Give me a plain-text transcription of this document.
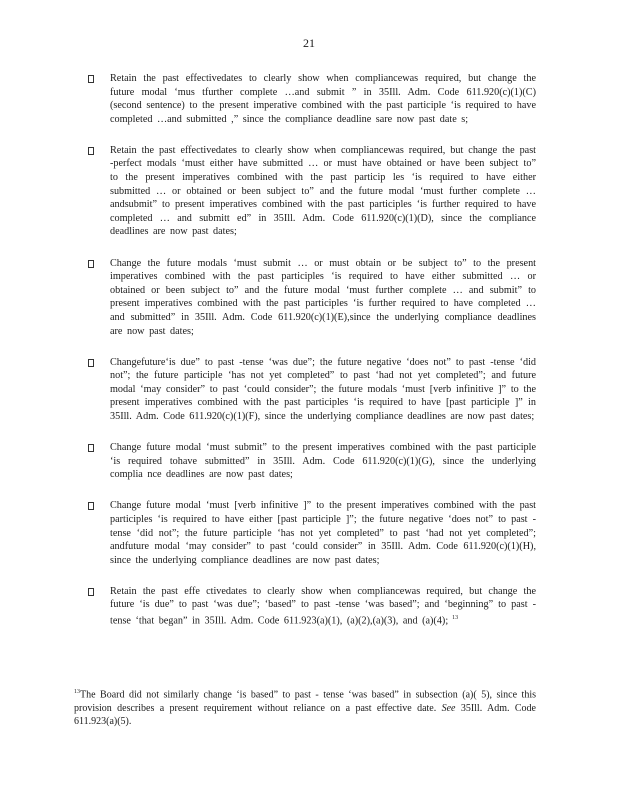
21
Retain the past effectivedates to clearly show when compliancewas required, but change the future modal ‘mus tfurther complete …and submit ” in 35Ill. Adm. Code 611.920(c)(1)(C) (second sentence) to the present imperative combined with the past participle ‘is required to have completed …and submitted ,” since the compliance deadline sare now past date s;
Retain the past effectivedates to clearly show when compliancewas required, but change the past -perfect modals ‘must either have submitted … or must have obtained or have been subject to” to the present imperatives combined with the past particip les ‘is required to have either submitted … or obtained or been subject to” and the future modal ‘must further complete … andsubmit” to present imperatives combined with the past participles ‘is further required to have completed … and submitt ed” in 35Ill. Adm. Code 611.920(c)(1)(D), since the compliance deadlines are now past dates;
Change the future modals ‘must submit … or must obtain or be subject to” to the present imperatives combined with the past participles ‘is required to have either submitted … or obtained or been subject to” and the future modal ‘must further complete … and submit” to present imperatives combined with the past participles ‘is further required to have completed …and submitted” in 35Ill. Adm. Code 611.920(c)(1)(E),since the underlying compliance deadlines are now past dates;
Changefuture‘is due” to past -tense ‘was due”; the future negative ‘does not” to past -tense ‘did not”; the future participle ‘has not yet completed” to past ‘had not yet completed”; and future modal ‘may consider” to past ‘could consider”; the future modals ‘must [verb infinitive ]” to the present imperatives combined with the past participles ‘is required to have [past participle ]” in 35Ill. Adm. Code 611.920(c)(1)(F), since the underlying compliance deadlines are now past dates;
Change future modal ‘must submit” to the present imperatives combined with the past participle ‘is required tohave submitted” in 35Ill. Adm. Code 611.920(c)(1)(G), since the underlying complia nce deadlines are now past dates;
Change future modal ‘must [verb infinitive ]” to the present imperatives combined with the past participles ‘is required to have either [past participle ]”; the future negative ‘does not” to past -tense ‘did not”; the future participle ‘has not yet completed” to past ‘had not yet completed”; andfuture modal ‘may consider” to past ‘could consider” in 35Ill. Adm. Code 611.920(c)(1)(H), since the underlying compliance deadlines are now past dates;
Retain the past effe ctivedates to clearly show when compliancewas required, but change the future ‘is due” to past ‘was due”; ‘based” to past -tense ‘was based”; and ‘beginning” to past -tense ‘that began” in 35Ill. Adm. Code 611.923(a)(1), (a)(2),(a)(3), and (a)(4); $^{13}$
$^{13}$The Board did not similarly change ‘is based” to past - tense ‘was based” in subsection (a)( 5), since this provision describes a present requirement without reliance on a past effective date. See 35Ill. Adm. Code 611.923(a)(5).
